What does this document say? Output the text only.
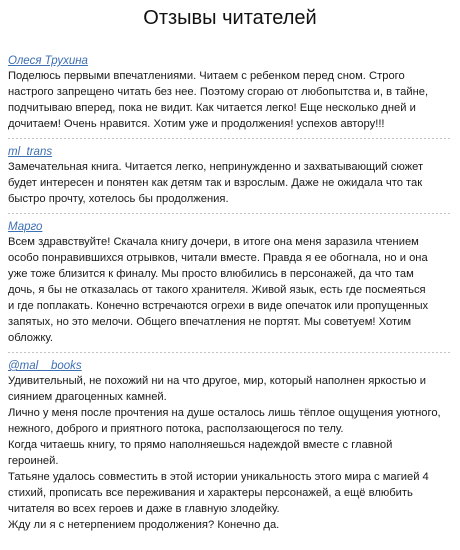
Отзывы читателей
Олеся Трухина

Поделюсь первыми впечатлениями. Читаем с ребенком перед сном. Строго

настрого запрещено читать без нее. Поэтому сгораю от любопытства и, в тайне,

подчитываю вперед, пока не видит. Как читается легко! Еще несколько дней и

дочитаем! Очень нравится. Хотим уже и продолжения! успехов автору!!!

ml_trans

Замечательная книга. Читается легко, непринужденно и захватывающий сюжет

будет интересен и понятен как детям так и взрослым. Даже не ожидала что так

быстро прочту, хотелось бы продолжения.

Марго

Всем здравствуйте! Скачала книгу дочери, в итоге она меня заразила чтением

особо понравившихся отрывков, читали вместе. Правда я ее обогнала, но и она

уже тоже близится к финалу. Мы просто влюбились в персонажей, да что там

дочь, я бы не отказалась от такого хранителя. Живой язык, есть где посмеяться

и где поплакать. Конечно встречаются огрехи в виде опечаток или пропущенных

запятых, но это мелочи. Общего впечатления не портят. Мы советуем! Хотим

обложку.

@mal__books

Удивительный, не похожий ни на что другое, мир, который наполнен яркостью и

сиянием драгоценных камней.

Лично у меня после прочтения на душе осталось лишь тёплое ощущения уютного,

нежного, доброго и приятного потока, расползающегося по телу.

Когда читаешь книгу, то прямо наполняешься надеждой вместе с главной

героиней.

Татьяне удалось совместить в этой истории уникальность этого мира с магией 4

стихий, прописать все переживания и характеры персонажей, а ещё влюбить

читателя во всех героев и даже в главную злодейку.

Жду ли я с нетерпением продолжения? Конечно да.
